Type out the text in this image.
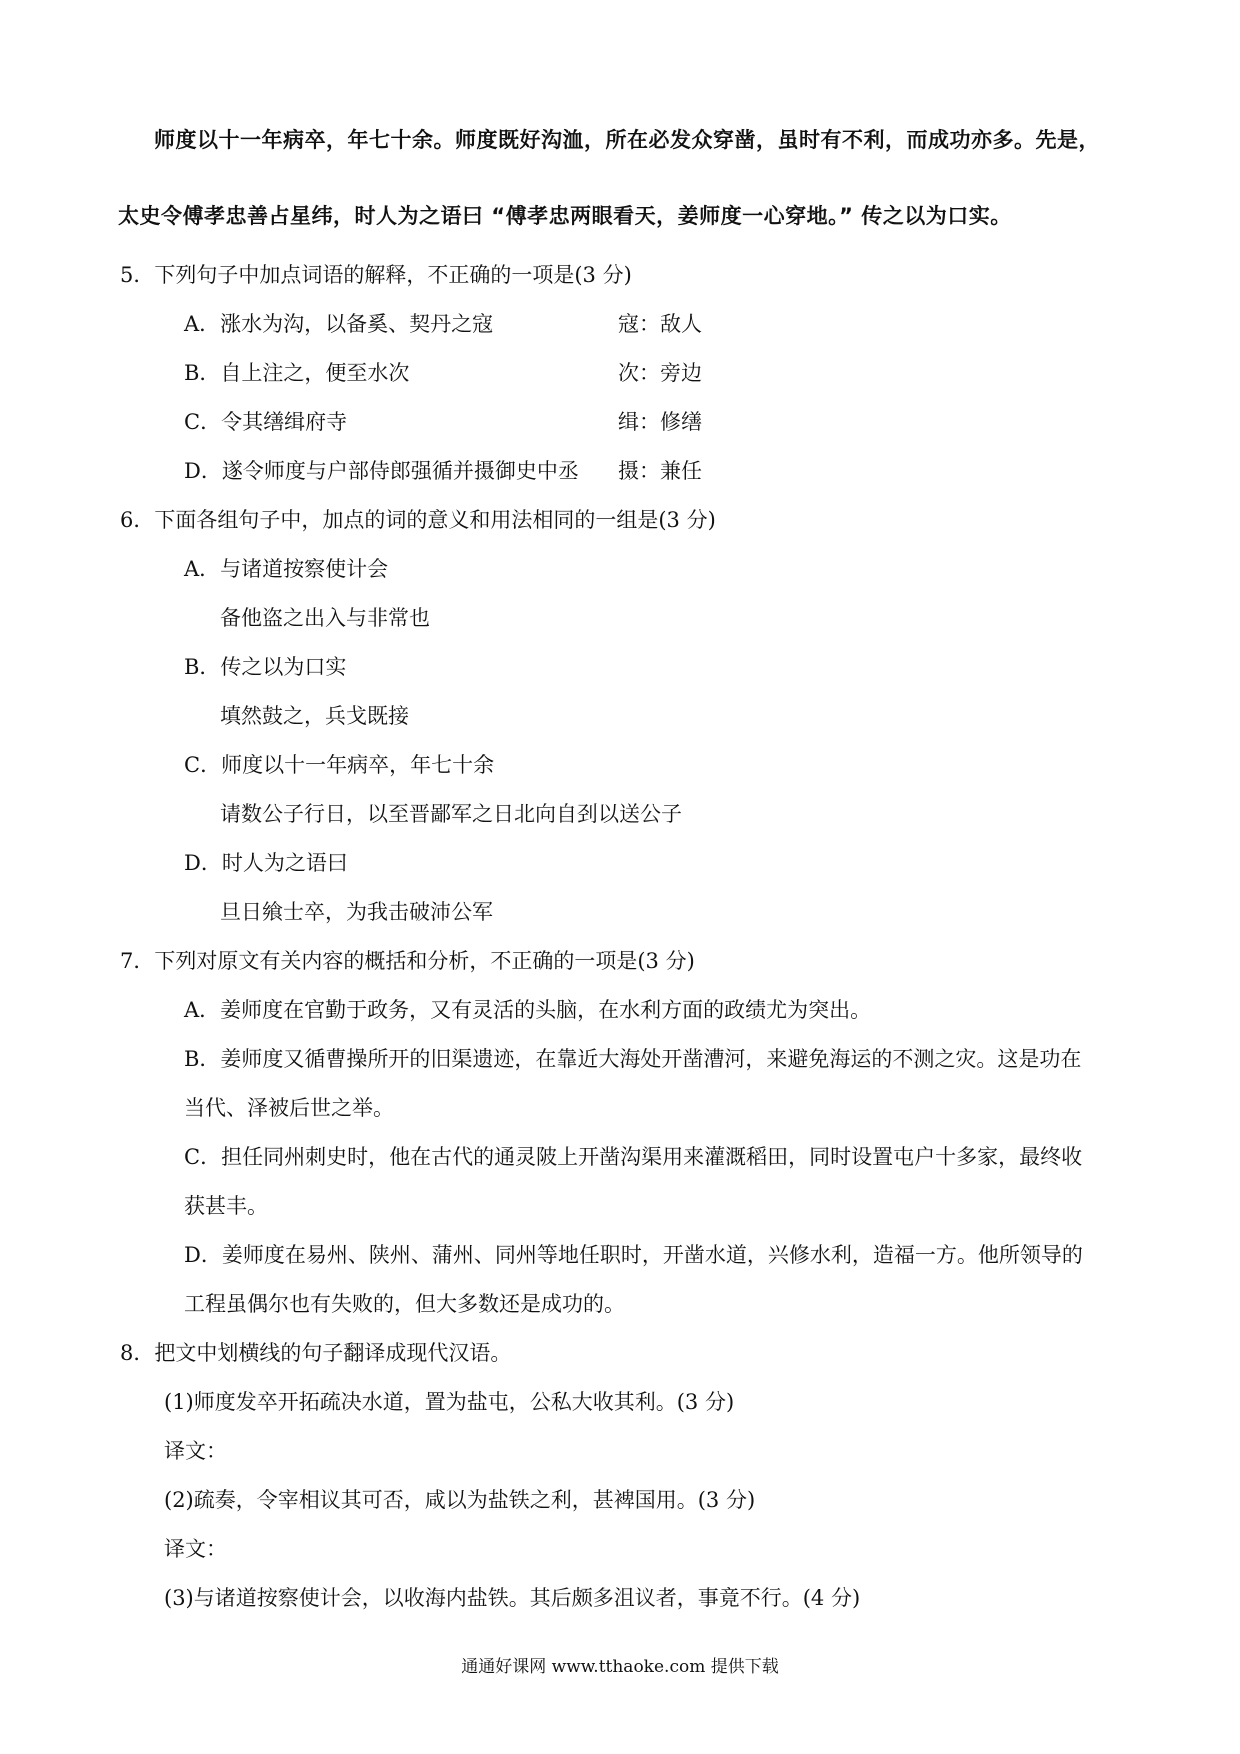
师度以十一年病卒，年七十余。师度既好沟洫，所在必发众穿凿，虽时有不利，而成功亦多。先是，
太史令傅孝忠善占星纬，时人为之语曰 “傅孝忠两眼看天，姜师度一心穿地。” 传之以为口实。
5．下列句子中加点词语的解释，不正确的一项是(3 分)
A．涨水为沟，以备奚、契丹之寇	寇：敌人
B．自上注之，便至水次	次：旁边
C．令其缮缉府寺	缉：修缮
D．遂令师度与户部侍郎强循并摄御史中丞 摄：兼任
6．下面各组句子中，加点的词的意义和用法相同的一组是(3 分)
A．与诸道按察使计会
备他盗之出入与非常也
B．传之以为口实
填然鼓之，兵戈既接
C．师度以十一年病卒，年七十余
请数公子行日，以至晋鄙军之日北向自刭以送公子
D．时人为之语曰
旦日飨士卒，为我击破沛公军
7．下列对原文有关内容的概括和分析，不正确的一项是(3 分)
A．姜师度在官勤于政务，又有灵活的头脑，在水利方面的政绩尤为突出。
B．姜师度又循曹操所开的旧渠遗迹，在靠近大海处开凿漕河，来避免海运的不测之灾。这是功在
当代、泽被后世之举。
C．担任同州刺史时，他在古代的通灵陂上开凿沟渠用来灌溉稻田，同时设置屯户十多家，最终收
获甚丰。
D．姜师度在易州、陕州、蒲州、同州等地任职时，开凿水道，兴修水利，造福一方。他所领导的
工程虽偶尔也有失败的，但大多数还是成功的。
8．把文中划横线的句子翻译成现代汉语。
(1)师度发卒开拓疏决水道，置为盐屯，公私大收其利。(3 分)
译文：
(2)疏奏，令宰相议其可否，咸以为盐铁之利，甚裨国用。(3 分)
译文：
(3)与诸道按察使计会，以收海内盐铁。其后颇多沮议者，事竟不行。(4 分)
通通好课网 www.tthaoke.com 提供下载
